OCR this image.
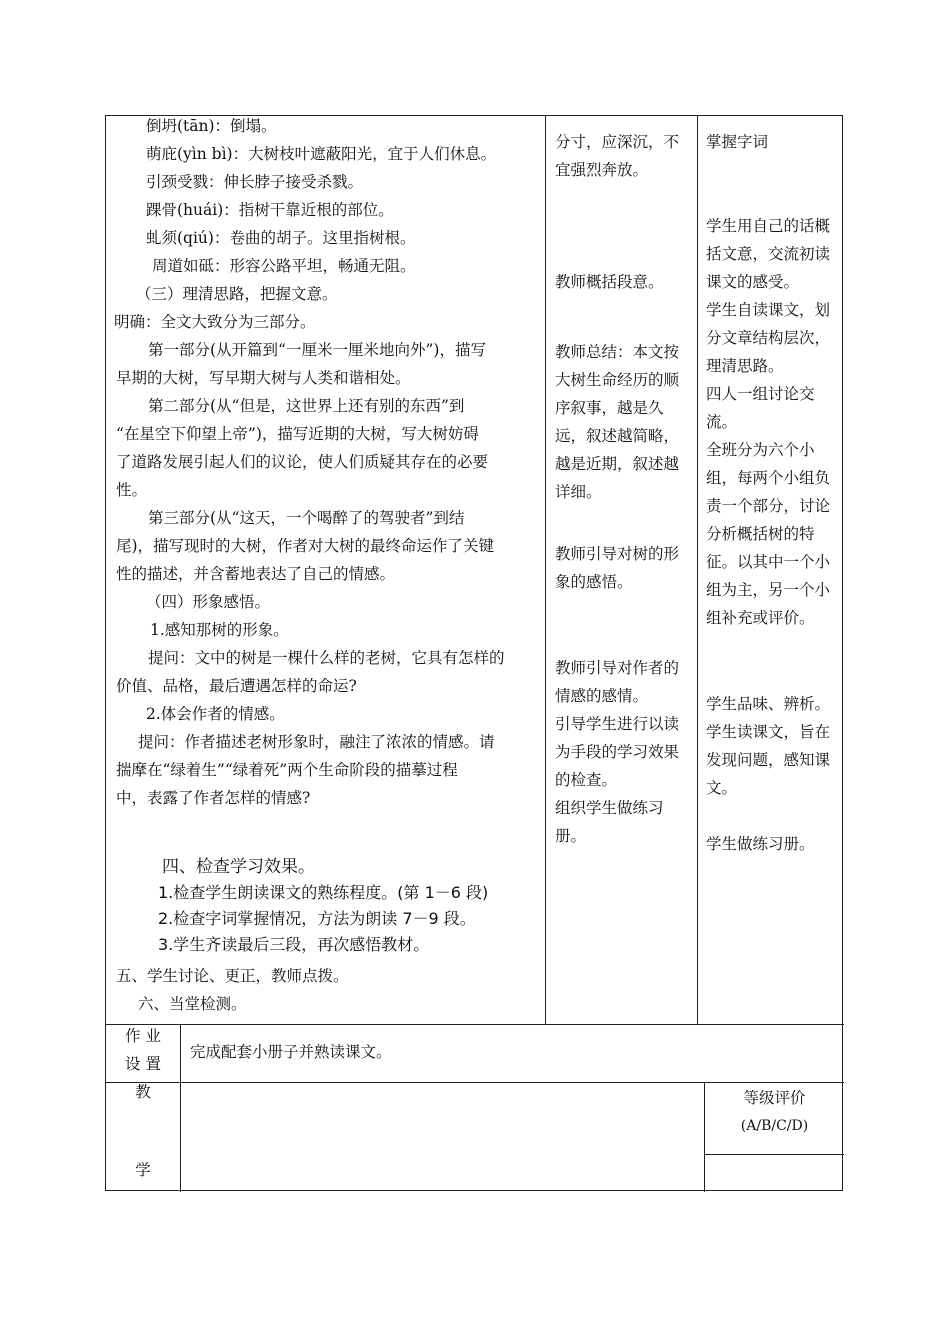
倒坍(tān)：倒塌。

萌庇(yìn bì)：大树枝叶遮蔽阳光，宜于人们休息。

引颈受戮：伸长脖子接受杀戮。

踝骨(huái)：指树干靠近根的部位。

虬须(qiú)：卷曲的胡子。这里指树根。

周道如砥：形容公路平坦，畅通无阻。

（三）理清思路，把握文意。

明确：全文大致分为三部分。

第一部分(从开篇到“一厘米一厘米地向外”)，描写

早期的大树，写早期大树与人类和谐相处。

第二部分(从“但是，这世界上还有别的东西”到

“在星空下仰望上帝”)，描写近期的大树，写大树妨碍

了道路发展引起人们的议论，使人们质疑其存在的必要

性。

第三部分(从“这天，一个喝醉了的驾驶者”到结

尾)，描写现时的大树，作者对大树的最终命运作了关键

性的描述，并含蓄地表达了自己的情感。

（四）形象感悟。

1.感知那树的形象。

提问：文中的树是一棵什么样的老树，它具有怎样的

价值、品格，最后遭遇怎样的命运?

2.体会作者的情感。

提问：作者描述老树形象时，融注了浓浓的情感。请

揣摩在“绿着生”“绿着死”两个生命阶段的描摹过程

中，表露了作者怎样的情感?

四、检查学习效果。

1.检查学生朗读课文的熟练程度。(第 1－6 段)

2.检查字词掌握情况，方法为朗读 7－9 段。

3.学生齐读最后三段，再次感悟教材。

五、学生讨论、更正，教师点拨。
六、当堂检测。

分寸，应深沉，不宜强烈奔放。

教师概括段意。

教师总结：本文按大树生命经历的顺序叙事，越是久远，叙述越简略，越是近期，叙述越详细。

教师引导对树的形象的感悟。

教师引导对作者的情感的感情。

引导学生进行以读为手段的学习效果的检查。

组织学生做练习册。

掌握字词

学生用自己的话概括文意，交流初读课文的感受。

学生自读课文，划分文章结构层次，理清思路。

四人一组讨论交流。

全班分为六个小组，每两个小组负责一个部分，讨论分析概括树的特征。以其中一个小组为主，另一个小组补充或评价。

学生品味、辨析。

学生读课文，旨在发现问题，感知课文。

学生做练习册。

作 业

设 置

完成配套小册子并熟读课文。
教
学

等级评价

(A/B/C/D)
